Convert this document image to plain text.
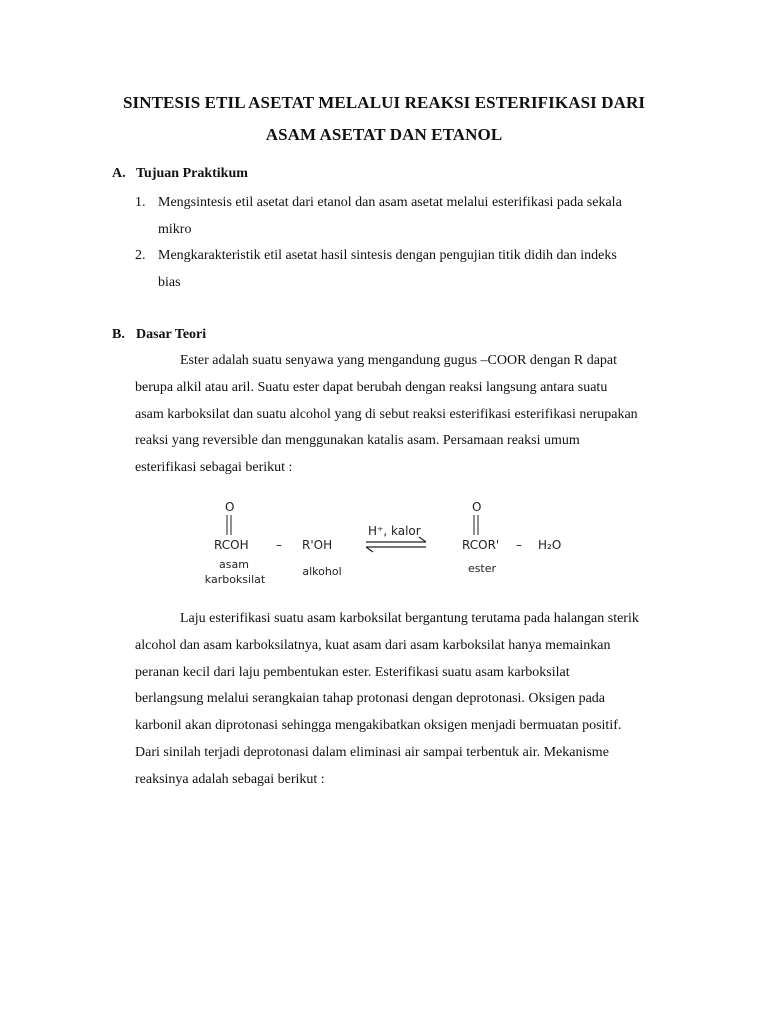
SINTESIS ETIL ASETAT MELALUI REAKSI ESTERIFIKASI DARI
ASAM ASETAT DAN ETANOL
A. Tujuan Praktikum
1. Mengsintesis etil asetat dari etanol dan asam asetat melalui esterifikasi pada sekala
mikro
2. Mengkarakteristik etil asetat hasil sintesis dengan pengujian titik didih dan indeks
bias
B. Dasar Teori
Ester adalah suatu senyawa yang mengandung gugus –COOR dengan R dapat
berupa alkil atau aril. Suatu ester dapat berubah dengan reaksi langsung antara suatu
asam karboksilat dan suatu alcohol yang di sebut reaksi esterifikasi esterifikasi nerupakan
reaksi yang reversible dan menggunakan katalis asam. Persamaan reaksi umum
esterifikasi sebagai berikut :
O
RCOH – R'OH
H⁺, kalor
O
RCOR' – H₂O
asam
karboksilat
alkohol	ester
Laju esterifikasi suatu asam karboksilat bergantung terutama pada halangan sterik
alcohol dan asam karboksilatnya, kuat asam dari asam karboksilat hanya memainkan
peranan kecil dari laju pembentukan ester. Esterifikasi suatu asam karboksilat
berlangsung melalui serangkaian tahap protonasi dengan deprotonasi. Oksigen pada
karbonil akan diprotonasi sehingga mengakibatkan oksigen menjadi bermuatan positif.
Dari sinilah terjadi deprotonasi dalam eliminasi air sampai terbentuk air. Mekanisme
reaksinya adalah sebagai berikut :
